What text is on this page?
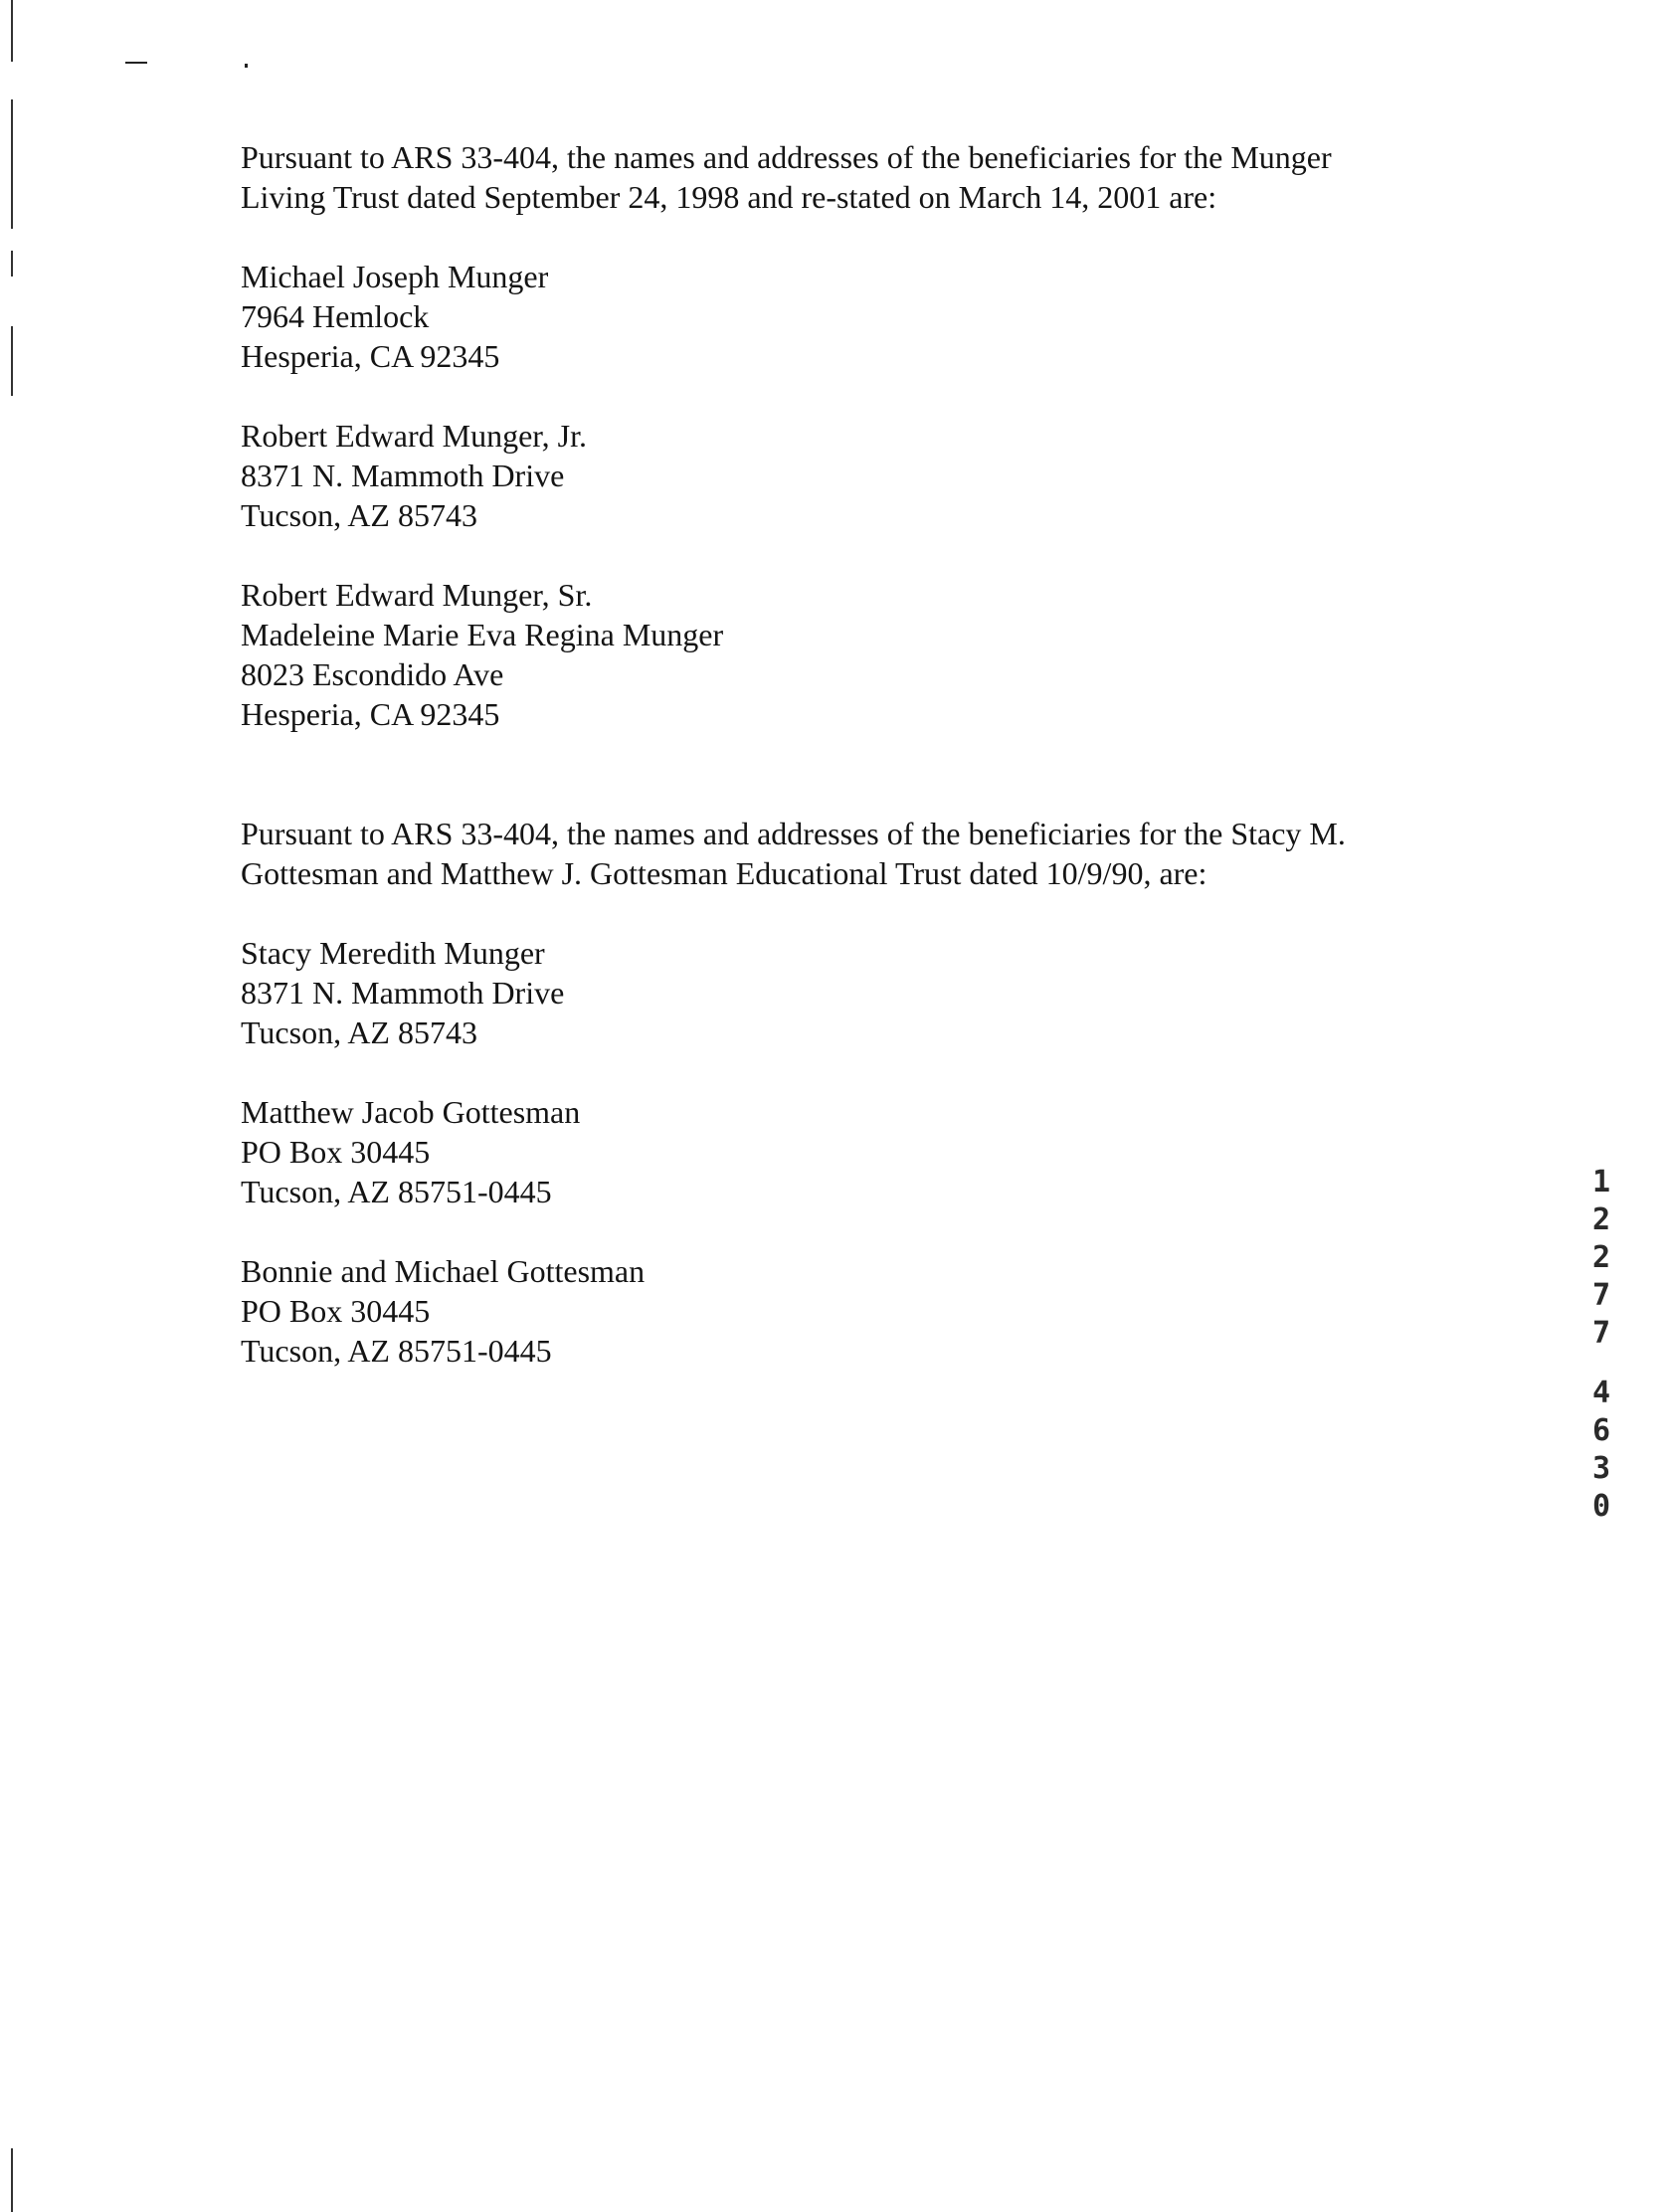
Pursuant to ARS 33-404, the names and addresses of the beneficiaries for the Munger
Living Trust dated September 24, 1998 and re-stated on March 14, 2001 are:

Michael Joseph Munger
7964 Hemlock
Hesperia, CA 92345
Robert Edward Munger, Jr.
8371 N. Mammoth Drive
Tucson, AZ 85743
Robert Edward Munger, Sr.
Madeleine Marie Eva Regina Munger
8023 Escondido Ave
Hesperia, CA 92345

Pursuant to ARS 33-404, the names and addresses of the beneficiaries for the Stacy M.
Gottesman and Matthew J. Gottesman Educational Trust dated 10/9/90, are:

Stacy Meredith Munger
8371 N. Mammoth Drive
Tucson, AZ 85743
Matthew Jacob Gottesman
PO Box 30445
Tucson, AZ 85751-0445
Bonnie and Michael Gottesman
PO Box 30445
Tucson, AZ 85751-0445
1
2
2
7
7
4
6
3
0
